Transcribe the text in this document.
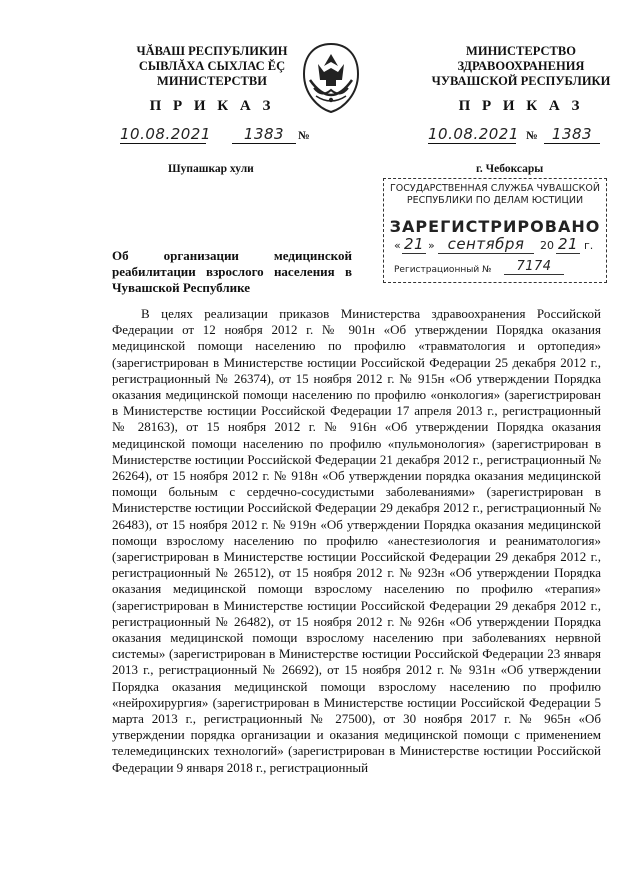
ЧĂВАШ РЕСПУБЛИКИН
СЫВЛĂХА СЫХЛАС ĔÇ
МИНИСТЕРСТВИ
МИНИСТЕРСТВО
ЗДРАВООХРАНЕНИЯ
ЧУВАШСКОЙ РЕСПУБЛИКИ
П Р И К А З
10.08.2021	1383	№
Шупашкар хули
П Р И К А З
10.08.2021 № 1383
г. Чебоксары
ГОСУДАРСТВЕННАЯ СЛУЖБА ЧУВАШСКОЙ
РЕСПУБЛИКИ ПО ДЕЛАМ ЮСТИЦИИ
ЗАРЕГИСТРИРОВАНО
« 21 » сентября	20 21 г.
Регистрационный №	7174
Об организации медицинской реабилитации взрослого населения в Чувашской Республике
В целях реализации приказов Министерства здравоохранения Российской Федерации от 12 ноября 2012 г. № 901н «Об утверждении Порядка оказания медицинской помощи населению по профилю «травматология и ортопедия» (зарегистрирован в Министерстве юстиции Российской Федерации 25 декабря 2012 г., регистрационный № 26374), от 15 ноября 2012 г. № 915н «Об утверждении Порядка оказания медицинской помощи населению по профилю «онкология» (зарегистрирован в Министерстве юстиции Российской Федерации 17 апреля 2013 г., регистрационный № 28163), от 15 ноября 2012 г. № 916н «Об утверждении Порядка оказания медицинской помощи населению по профилю «пульмонология» (зарегистрирован в Министерстве юстиции Российской Федерации 21 декабря 2012 г., регистрационный № 26264), от 15 ноября 2012 г. № 918н «Об утверждении порядка оказания медицинской помощи больным с сердечно-сосудистыми заболеваниями» (зарегистрирован в Министерстве юстиции Российской Федерации 29 декабря 2012 г., регистрационный № 26483), от 15 ноября 2012 г. № 919н «Об утверждении Порядка оказания медицинской помощи взрослому населению по профилю «анестезиология и реаниматология» (зарегистрирован в Министерстве юстиции Российской Федерации 29 декабря 2012 г., регистрационный № 26512), от 15 ноября 2012 г. № 923н «Об утверждении Порядка оказания медицинской помощи взрослому населению по профилю «терапия» (зарегистрирован в Министерстве юстиции Российской Федерации 29 декабря 2012 г., регистрационный № 26482), от 15 ноября 2012 г. № 926н «Об утверждении Порядка оказания медицинской помощи взрослому населению при заболеваниях нервной системы» (зарегистрирован в Министерстве юстиции Российской Федерации 23 января 2013 г., регистрационный № 26692), от 15 ноября 2012 г. № 931н «Об утверждении Порядка оказания медицинской помощи взрослому населению по профилю «нейрохирургия» (зарегистрирован в Министерстве юстиции Российской Федерации 5 марта 2013 г., регистрационный № 27500), от 30 ноября 2017 г. № 965н «Об утверждении порядка организации и оказания медицинской помощи с применением телемедицинских технологий» (зарегистрирован в Министерстве юстиции Российской Федерации 9 января 2018 г., регистрационный
